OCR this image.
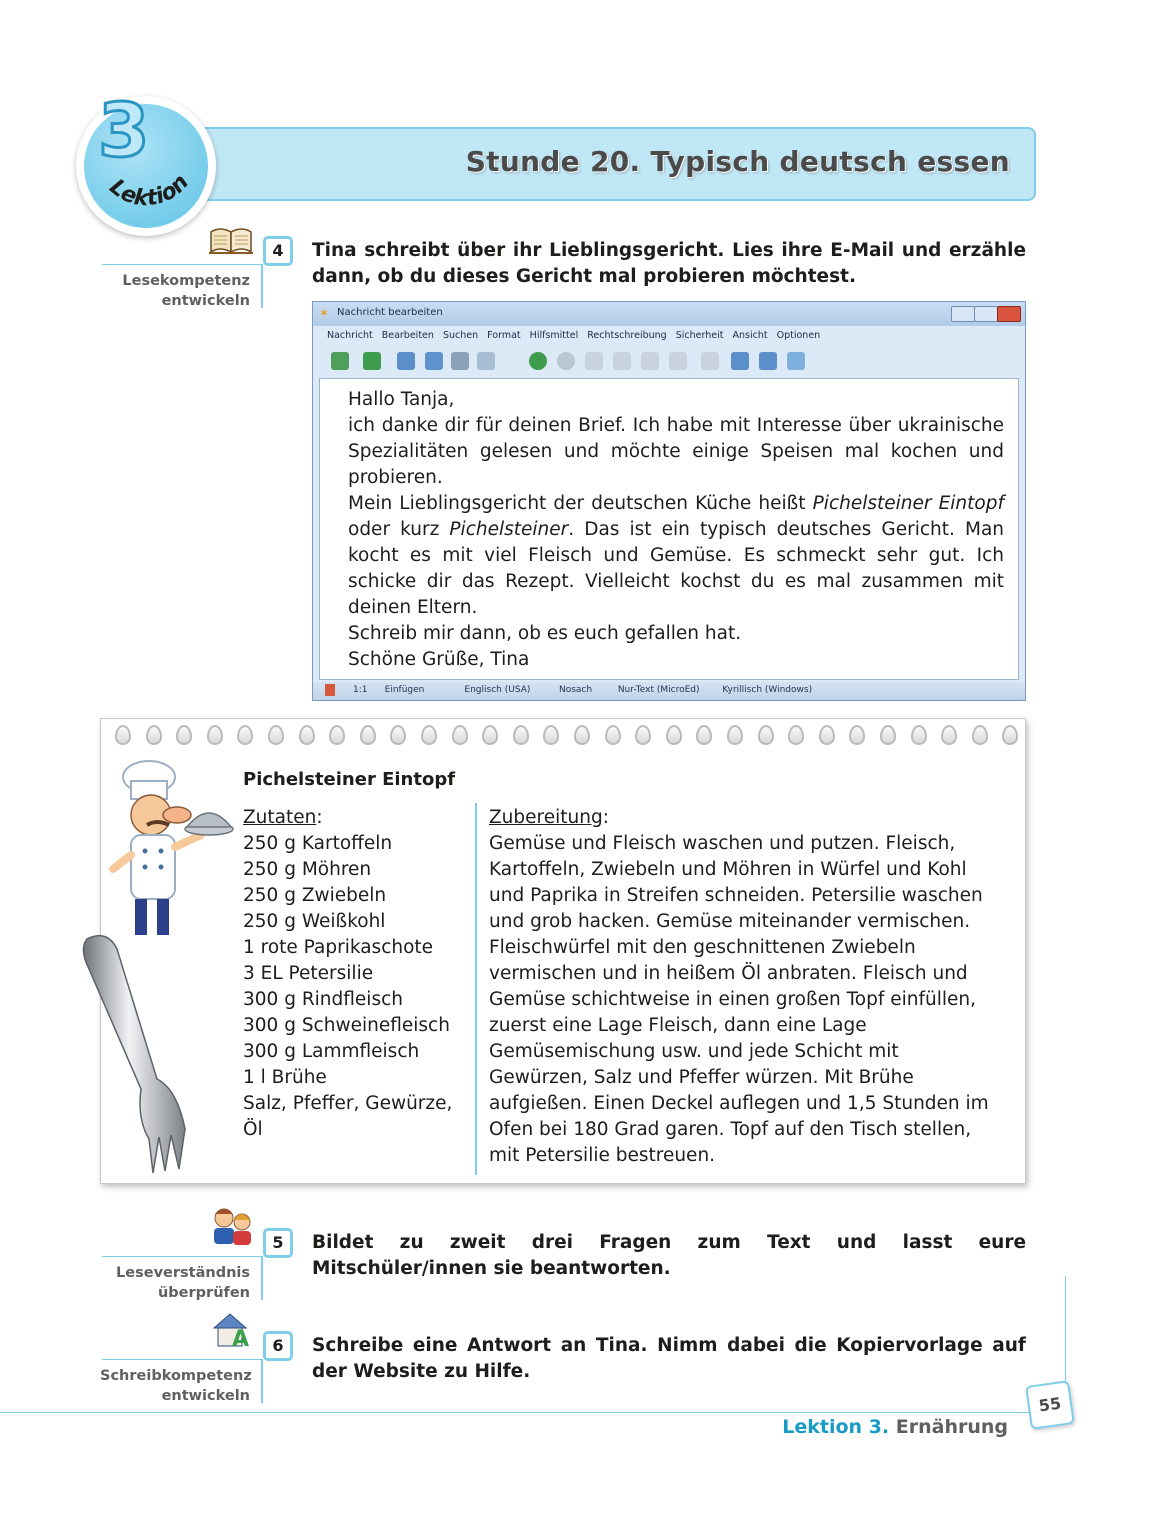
Stunde 20. Typisch deutsch essen
3
Lektion
4
Lesekompetenz
entwickeln
Tina schreibt über ihr Lieblingsgericht. Lies ihre E-Mail und erzähle dann, ob du dieses Gericht mal probieren möchtest.
✶ Nachricht bearbeiten
Nachricht Bearbeiten Suchen Format Hilfsmittel Rechtschreibung Sicherheit Ansicht Optionen

Hallo Tanja,

ich danke dir für deinen Brief. Ich habe mit Interesse über ukrainische Spezialitäten gelesen und möchte einige Speisen mal kochen und probieren.

Mein Lieblingsgericht der deutschen Küche heißt Pichelsteiner Eintopf oder kurz Pichelsteiner. Das ist ein typisch deutsches Gericht. Man kocht es mit viel Fleisch und Gemüse. Es schmeckt sehr gut. Ich schicke dir das Rezept. Vielleicht kochst du es mal zusammen mit deinen Eltern.

Schreib mir dann, ob es euch gefallen hat.

Schöne Grüße, Tina

1:1      Einfügen              Englisch (USA)          Nosach         Nur-Text (MicroEd)        Kyrillisch (Windows)
Pichelsteiner Eintopf
Zutaten:
250 g Kartoffeln
250 g Möhren
250 g Zwiebeln
250 g Weißkohl
1 rote Paprikaschote
3 EL Petersilie
300 g Rindfleisch
300 g Schweinefleisch
300 g Lammfleisch
1 l Brühe
Salz, Pfeffer, Gewürze,
Öl
Zubereitung:
Gemüse und Fleisch waschen und putzen. Fleisch, Kartoffeln, Zwiebeln und Möhren in Würfel und Kohl und Paprika in Streifen schneiden. Petersilie waschen und grob hacken. Gemüse miteinander vermischen. Fleischwürfel mit den geschnittenen Zwiebeln vermischen und in heißem Öl anbraten. Fleisch und Gemüse schichtweise in einen großen Topf einfüllen, zuerst eine Lage Fleisch, dann eine Lage Gemüsemischung usw. und jede Schicht mit Gewürzen, Salz und Pfeffer würzen. Mit Brühe aufgießen. Einen Deckel auflegen und 1,5 Stunden im Ofen bei 180 Grad garen. Topf auf den Tisch stellen, mit Petersilie bestreuen.
5
Leseverständnis
überprüfen
Bildet zu zweit drei Fragen zum Text und lasst eure Mitschüler/innen sie beantworten.
A	6
Schreibkompetenz
entwickeln
Schreibe eine Antwort an Tina. Nimm dabei die Kopiervorlage auf der Website zu Hilfe.
55
Lektion 3. Ernährung
